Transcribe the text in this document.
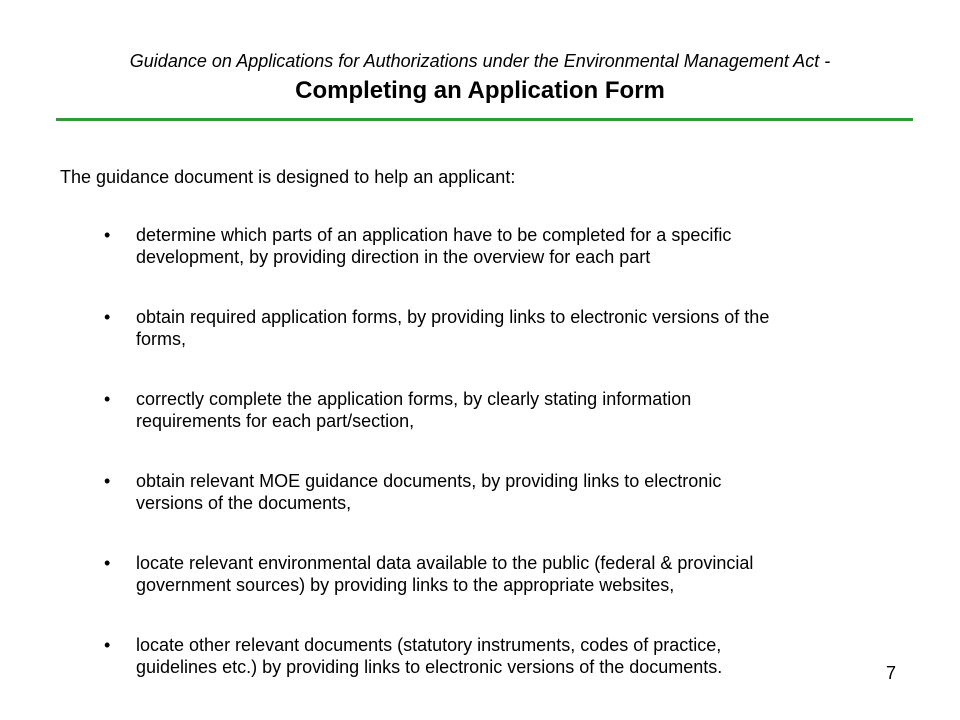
Guidance on Applications for Authorizations under the Environmental Management Act -
Completing an Application Form
The guidance document is designed to help an applicant:
• determine which parts of an application have to be completed for a specific
development, by providing direction in the overview for each part
• obtain required application forms, by providing links to electronic versions of the
forms,
• correctly complete the application forms, by clearly stating information
requirements for each part/section,
• obtain relevant MOE guidance documents, by providing links to electronic
versions of the documents,
• locate relevant environmental data available to the public (federal & provincial
government sources) by providing links to the appropriate websites,
• locate other relevant documents (statutory instruments, codes of practice,
guidelines etc.) by providing links to electronic versions of the documents.	7
